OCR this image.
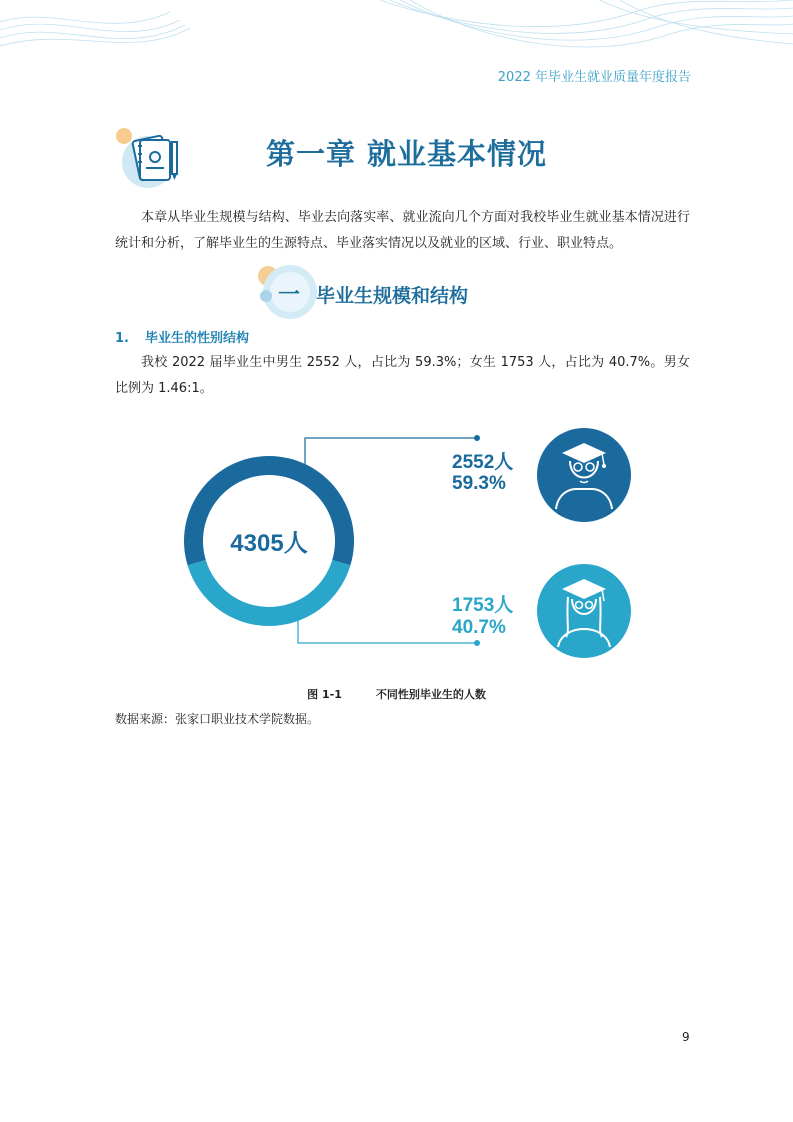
2022 年毕业生就业质量年度报告
第一章 就业基本情况

本章从毕业生规模与结构、毕业去向落实率、就业流向几个方面对我校毕业生就业基本情况进行统计和分析，了解毕业生的生源特点、毕业落实情况以及就业的区域、行业、职业特点。

一 毕业生规模和结构
1. 毕业生的性别结构

我校 2022 届毕业生中男生 2552 人，占比为 59.3%；女生 1753 人，占比为 40.7%。男女比例为 1.46:1。

4305人
2552人
59.3%
1753人
40.7%
图 1-1	不同性别毕业生的人数
数据来源：张家口职业技术学院数据。
9
